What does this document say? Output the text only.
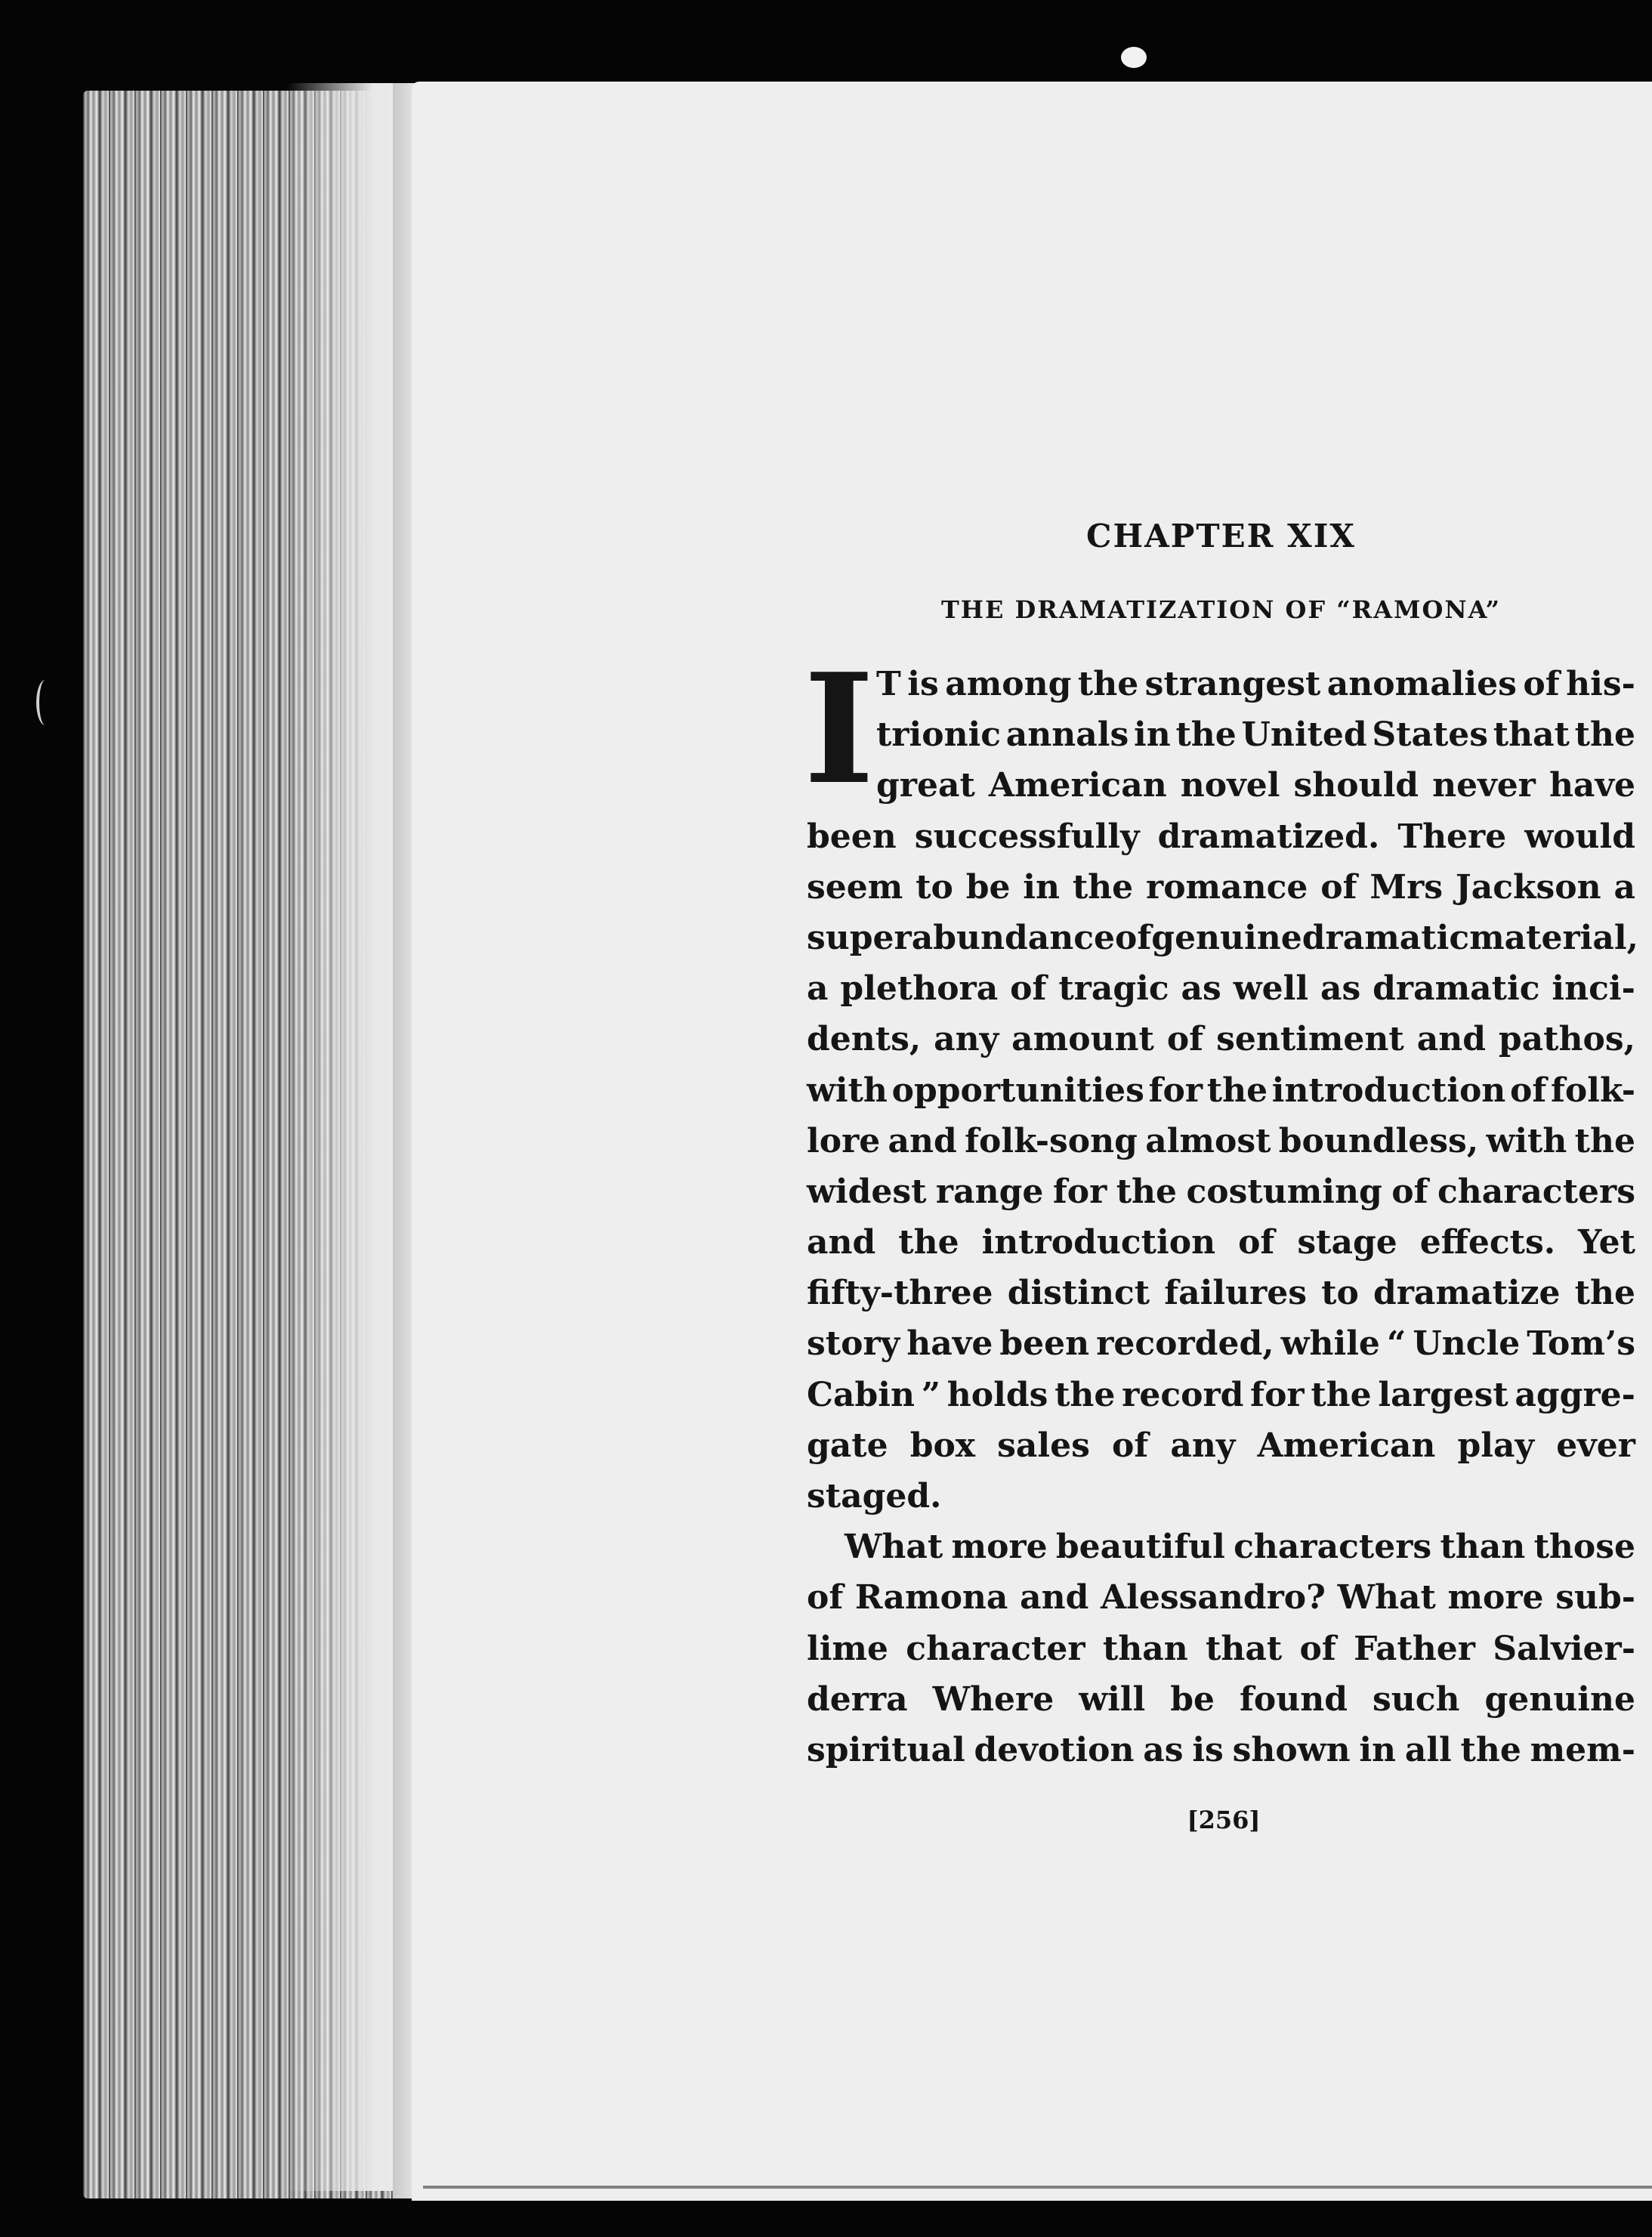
CHAPTER XIX
THE DRAMATIZATION OF “RAMONA”
I T is among the strangest anomalies of his-
trionic annals in the United States that the
great American novel should never have
been successfully dramatized. There would
seem to be in the romance of Mrs Jackson a
superabundance of genuine dramatic material,
a plethora of tragic as well as dramatic inci-
dents, any amount of sentiment and pathos,
with opportunities for the introduction of folk-
lore and folk-song almost boundless, with the
widest range for the costuming of characters
and the introduction of stage effects. Yet
fifty-three distinct failures to dramatize the
story have been recorded, while “ Uncle Tom’s
Cabin ” holds the record for the largest aggre-
gate box sales of any American play ever
staged.
What more beautiful characters than those
of Ramona and Alessandro? What more sub-
lime character than that of Father Salvier-
derra Where will be found such genuine
spiritual devotion as is shown in all the mem-
[256]
